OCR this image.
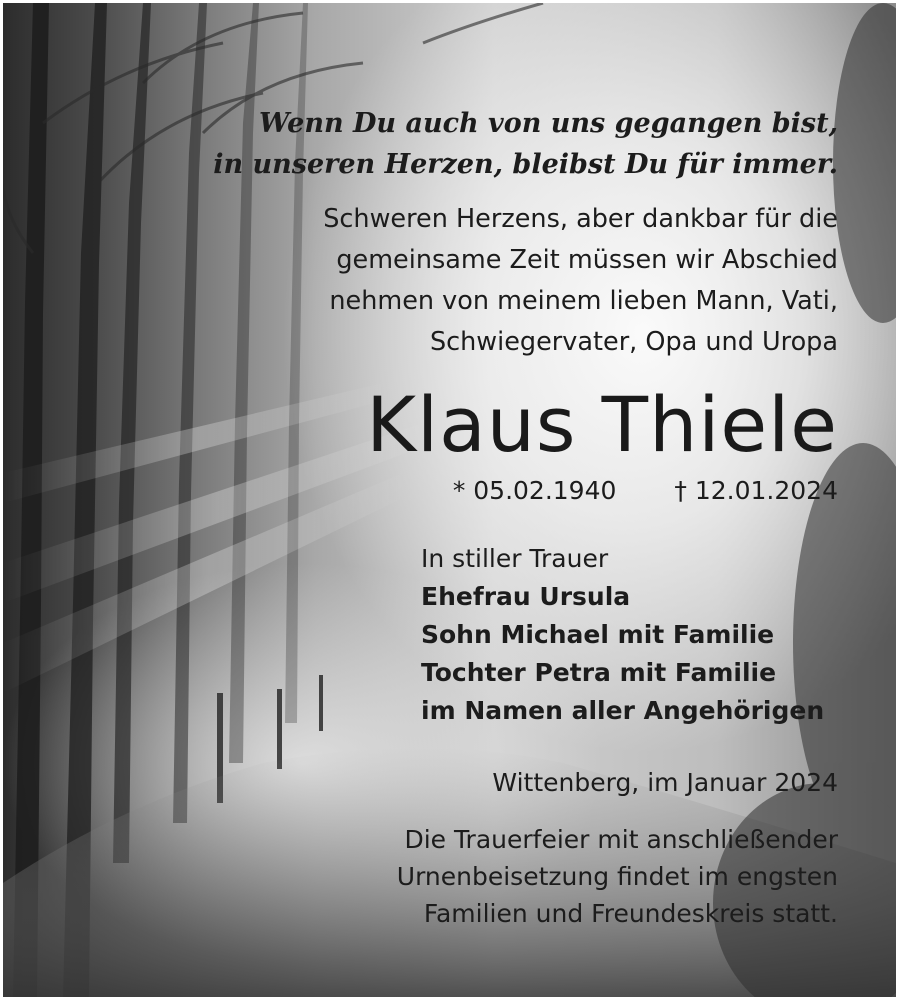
Wenn Du auch von uns gegangen bist,
in unseren Herzen, bleibst Du für immer.
Schweren Herzens, aber dankbar für die
gemeinsame Zeit müssen wir Abschied
nehmen von meinem lieben Mann, Vati,
Schwiegervater, Opa und Uropa
Klaus Thiele
* 05.02.1940 † 12.01.2024
In stiller Trauer
Ehefrau Ursula
Sohn Michael mit Familie
Tochter Petra mit Familie
im Namen aller Angehörigen
Wittenberg, im Januar 2024
Die Trauerfeier mit anschließender
Urnenbeisetzung findet im engsten
Familien und Freundeskreis statt.
